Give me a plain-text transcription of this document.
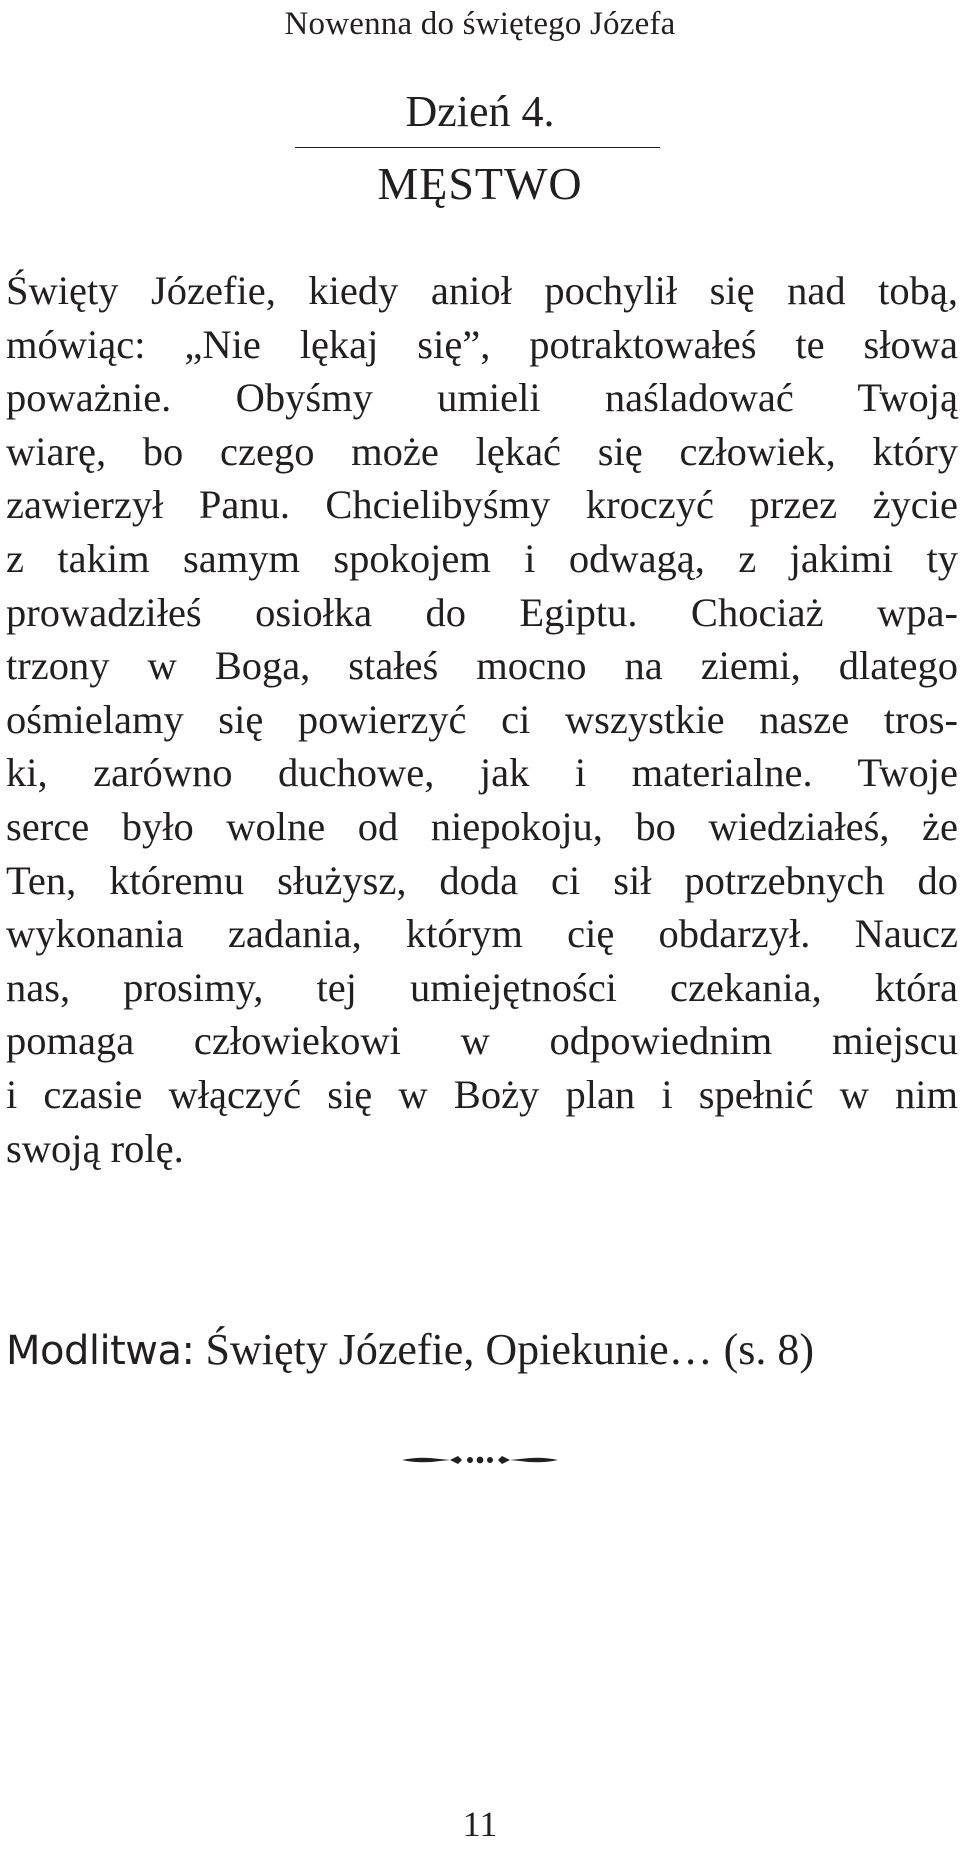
Nowenna do świętego Józefa
Dzień 4.
MĘSTWO

Święty Józefie, kiedy anioł pochylił się nad tobą,
mówiąc: „Nie lękaj się”, potraktowałeś te słowa
poważnie. Obyśmy umieli naśladować Twoją
wiarę, bo czego może lękać się człowiek, który
zawierzył Panu. Chcielibyśmy kroczyć przez życie
z takim samym spokojem i odwagą, z jakimi ty
prowadziłeś osiołka do Egiptu. Chociaż wpa-
trzony w Boga, stałeś mocno na ziemi, dlatego
ośmielamy się powierzyć ci wszystkie nasze tros-
ki, zarówno duchowe, jak i materialne. Twoje
serce było wolne od niepokoju, bo wiedziałeś, że
Ten, któremu służysz, doda ci sił potrzebnych do
wykonania zadania, którym cię obdarzył. Naucz
nas, prosimy, tej umiejętności czekania, która
pomaga człowiekowi w odpowiednim miejscu
i czasie włączyć się w Boży plan i spełnić w nim
swoją rolę.

Modlitwa: Święty Józefie, Opiekunie… (s. 8)
11
